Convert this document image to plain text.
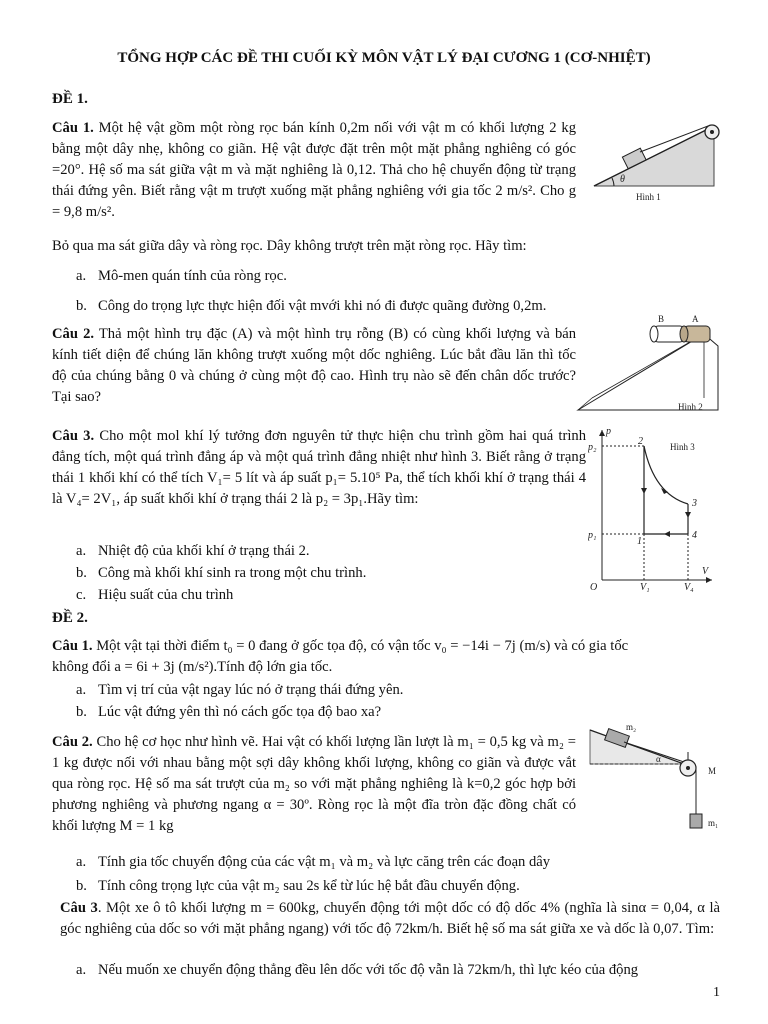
TỔNG HỢP CÁC ĐỀ THI CUỐI KỲ MÔN VẬT LÝ ĐẠI CƯƠNG 1 (CƠ-NHIỆT)
ĐỀ 1.

Câu 1. Một hệ vật gồm một ròng rọc bán kính 0,2m nối với vật m có khối lượng 2 kg bằng một dây nhẹ, không co giãn. Hệ vật được đặt trên một mặt phẳng nghiêng có góc =20°. Hệ số ma sát giữa vật m và mặt nghiêng là 0,12. Thả cho hệ chuyển động từ trạng thái đứng yên. Biết rằng vật m trượt xuống mặt phẳng nghiêng với gia tốc 2 m/s². Cho g = 9,8 m/s².

θ
Hình 1
Bỏ qua ma sát giữa dây và ròng rọc. Dây không trượt trên mặt ròng rọc. Hãy tìm:
a. Mô-men quán tính của ròng rọc.
b. Công do trọng lực thực hiện đối vật mvới khi nó đi được quãng đường 0,2m.

Câu 2. Thả một hình trụ đặc (A) và một hình trụ rỗng (B) có cùng khối lượng và bán kính tiết diện để chúng lăn không trượt xuống một dốc nghiêng. Lúc bắt đầu lăn thì tốc độ của chúng bằng 0 và chúng ở cùng một độ cao. Hình trụ nào sẽ đến chân dốc trước? Tại sao?

B	A
Hình 2

Câu 3. Cho một mol khí lý tưởng đơn nguyên tử thực hiện chu trình gồm hai quá trình đẳng tích, một quá trình đẳng áp và một quá trình đẳng nhiệt như hình 3. Biết rằng ở trạng thái 1 khối khí có thể tích V₁= 5 lít và áp suất p₁= 5.10⁵ Pa, thể tích khối khí ở trạng thái 4 là V₄= 2V₁, áp suất khối khí ở trạng thái 2 là p₂ = 3p₁.Hãy tìm:

p
V
O
p₂
p₁
V₁	V₄
1
2
3
4
Hình 3
a. Nhiệt độ của khối khí ở trạng thái 2.
b. Công mà khối khí sinh ra trong một chu trình.
c. Hiệu suất của chu trình
ĐỀ 2.

Câu 1. Một vật tại thời điểm t₀ = 0 đang ở gốc tọa độ, có vận tốc v₀ = −14i − 7j (m/s) và có gia tốc

không đổi a = 6i + 3j (m/s²).Tính độ lớn gia tốc.

a. Tìm vị trí của vật ngay lúc nó ở trạng thái đứng yên.
b. Lúc vật đứng yên thì nó cách gốc tọa độ bao xa?

Câu 2. Cho hệ cơ học như hình vẽ. Hai vật có khối lượng lần lượt là m₁ = 0,5 kg và m₂ = 1 kg được nối với nhau bằng một sợi dây không khối lượng, không co giãn và được vắt qua ròng rọc. Hệ số ma sát trượt của m₂ so với mặt phẳng nghiêng là k=0,2 góc hợp bởi phương nghiêng và phương ngang α = 30º. Ròng rọc là một đĩa tròn đặc đồng chất có khối lượng M = 1 kg

α
m₂
M
m₁
a. Tính gia tốc chuyển động của các vật m₁ và m₂ và lực căng trên các đoạn dây
b. Tính công trọng lực của vật m₂ sau 2s kể từ lúc hệ bắt đầu chuyển động.

Câu 3. Một xe ô tô khối lượng m = 600kg, chuyển động tới một dốc có độ dốc 4% (nghĩa là sinα = 0,04, α là góc nghiêng của dốc so với mặt phẳng ngang) với tốc độ 72km/h. Biết hệ số ma sát giữa xe và dốc là 0,07. Tìm:

a. Nếu muốn xe chuyển động thẳng đều lên dốc với tốc độ vẫn là 72km/h, thì lực kéo của động
1
